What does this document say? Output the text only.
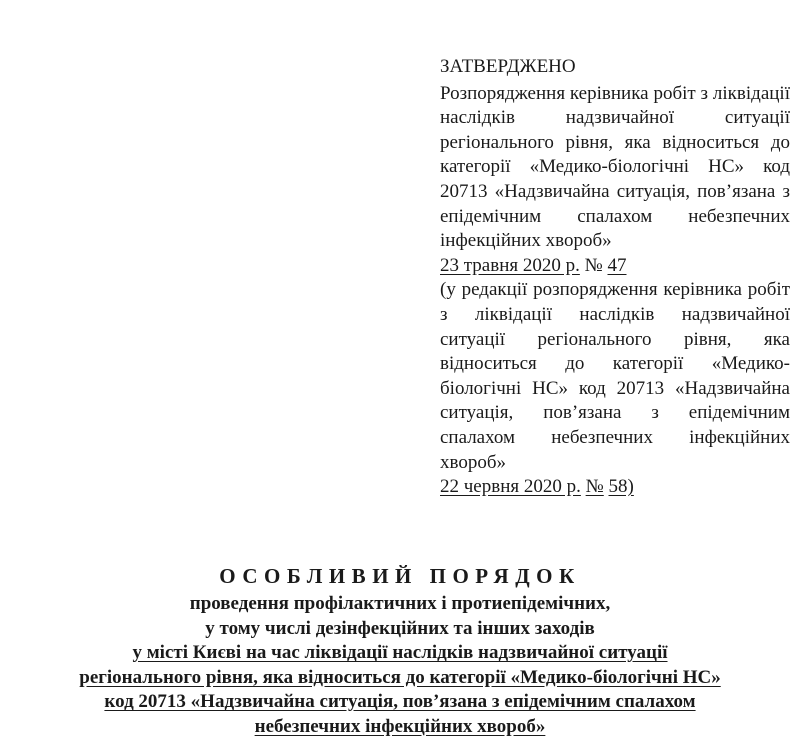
ЗАТВЕРДЖЕНО
Розпорядження керівника робіт з ліквідації наслідків надзвичайної ситуації регіонального рівня, яка відноситься до категорії «Медико-біологічні НС» код 20713 «Надзвичайна ситуація, пов’язана з епідемічним спалахом небезпечних інфекційних хвороб»
23 травня 2020 р. № 47
(у редакції розпорядження керівника робіт з ліквідації наслідків надзвичайної ситуації регіонального рівня, яка відноситься до категорії «Медико-біологічні НС» код 20713 «Надзвичайна ситуація, пов’язана з епідемічним спалахом небезпечних інфекційних хвороб»
22 червня 2020 р. № 58)
ОСОБЛИВИЙ ПОРЯДОК
проведення профілактичних і протиепідемічних,
у тому числі дезінфекційних та інших заходів
у місті Києві на час ліквідації наслідків надзвичайної ситуації
регіонального рівня, яка відноситься до категорії «Медико-біологічні НС»
код 20713 «Надзвичайна ситуація, пов’язана з епідемічним спалахом
небезпечних інфекційних хвороб»
